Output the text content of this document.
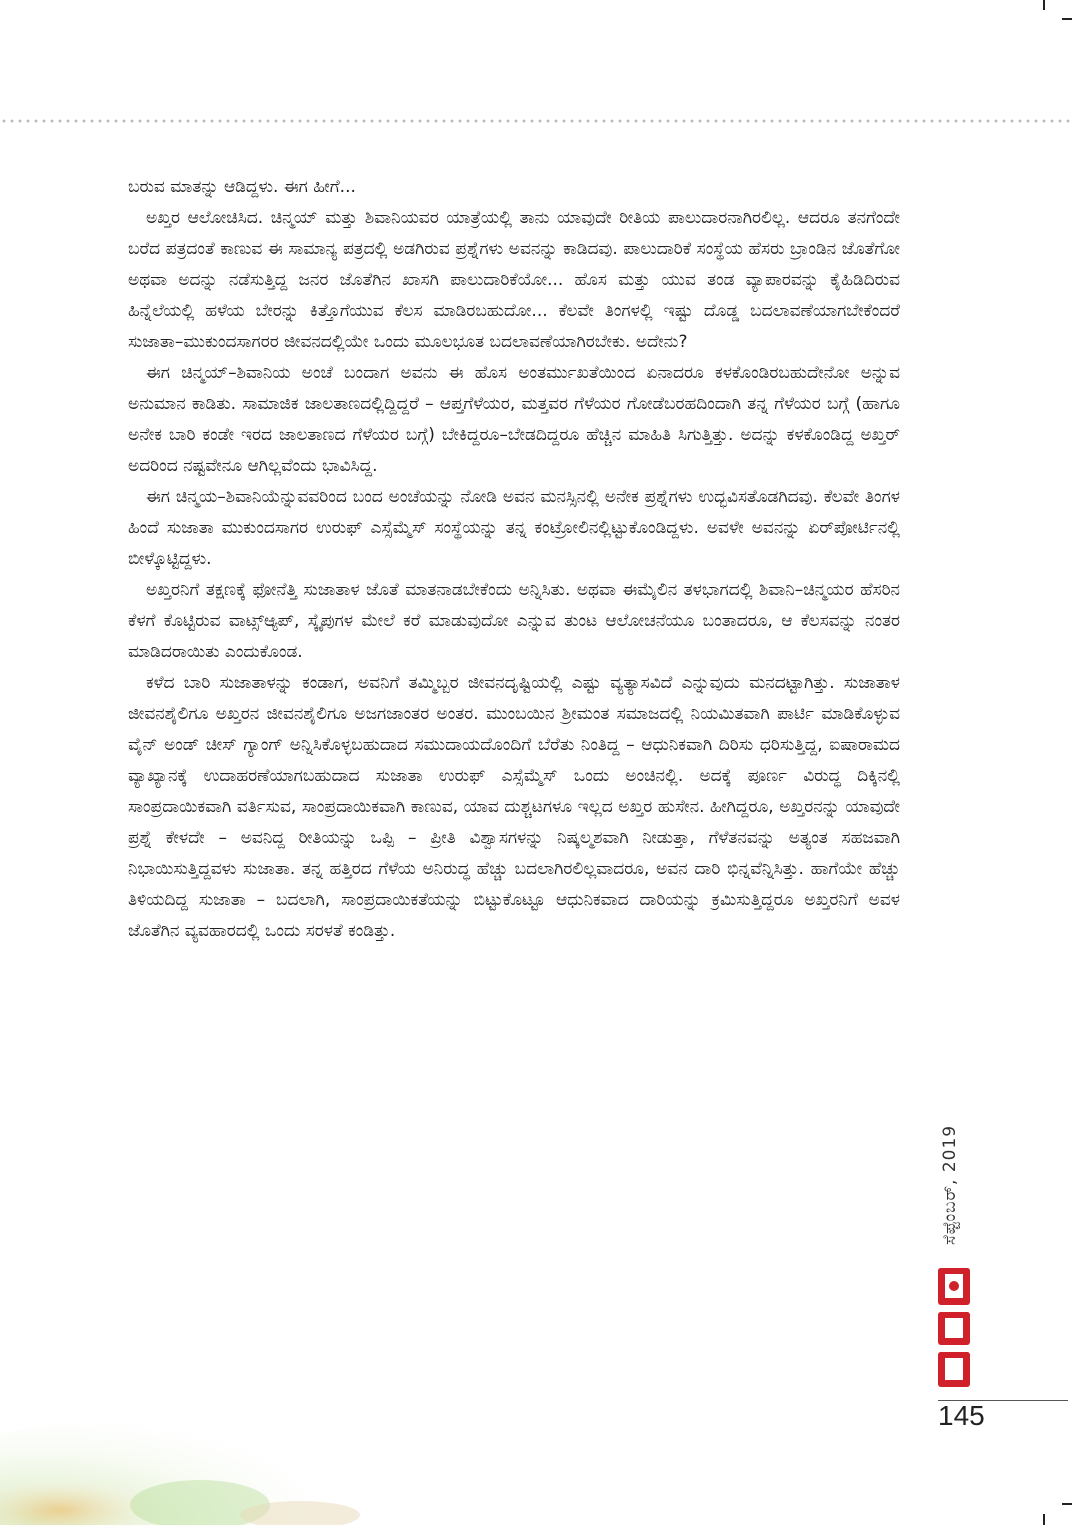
ಬರುವ ಮಾತನ್ನು ಆಡಿದ್ದಳು. ಈಗ ಹೀಗೆ...

ಅಖ್ತರ ಆಲೋಚಿಸಿದ. ಚಿನ್ಮಯ್ ಮತ್ತು ಶಿವಾನಿಯವರ ಯಾತ್ರೆಯಲ್ಲಿ ತಾನು ಯಾವುದೇ ರೀತಿಯ ಪಾಲುದಾರನಾಗಿರಲಿಲ್ಲ. ಆದರೂ ತನಗೆಂದೇ ಬರೆದ ಪತ್ರದಂತೆ ಕಾಣುವ ಈ ಸಾಮಾನ್ಯ ಪತ್ರದಲ್ಲಿ ಅಡಗಿರುವ ಪ್ರಶ್ನೆಗಳು ಅವನನ್ನು ಕಾಡಿದವು. ಪಾಲುದಾರಿಕೆ ಸಂಸ್ಥೆಯ ಹೆಸರು ಬ್ರಾಂಡಿನ ಜೊತೆಗೋ ಅಥವಾ ಅದನ್ನು ನಡೆಸುತ್ತಿದ್ದ ಜನರ ಜೊತೆಗಿನ ಖಾಸಗಿ ಪಾಲುದಾರಿಕೆಯೋ... ಹೊಸ ಮತ್ತು ಯುವ ತಂಡ ವ್ಯಾಪಾರವನ್ನು ಕೈಹಿಡಿದಿರುವ ಹಿನ್ನೆಲೆಯಲ್ಲಿ ಹಳೆಯ ಬೇರನ್ನು ಕಿತ್ತೊಗೆಯುವ ಕೆಲಸ ಮಾಡಿರಬಹುದೋ... ಕೆಲವೇ ತಿಂಗಳಲ್ಲಿ ಇಷ್ಟು ದೊಡ್ಡ ಬದಲಾವಣೆಯಾಗಬೇಕೆಂದರೆ ಸುಜಾತಾ–ಮುಕುಂದಸಾಗರರ ಜೀವನದಲ್ಲಿಯೇ ಒಂದು ಮೂಲಭೂತ ಬದಲಾವಣೆಯಾಗಿರಬೇಕು. ಅದೇನು?

ಈಗ ಚಿನ್ಮಯ್–ಶಿವಾನಿಯ ಅಂಚೆ ಬಂದಾಗ ಅವನು ಈ ಹೊಸ ಅಂತರ್ಮುಖತೆಯಿಂದ ಏನಾದರೂ ಕಳಕೊಂಡಿರಬಹುದೇನೋ ಅನ್ನುವ ಅನುಮಾನ ಕಾಡಿತು. ಸಾಮಾಜಿಕ ಜಾಲತಾಣದಲ್ಲಿದ್ದಿದ್ದರೆ – ಆಪ್ತಗೆಳೆಯರ, ಮತ್ತವರ ಗೆಳೆಯರ ಗೋಡೆಬರಹದಿಂದಾಗಿ ತನ್ನ ಗೆಳೆಯರ ಬಗ್ಗೆ (ಹಾಗೂ ಅನೇಕ ಬಾರಿ ಕಂಡೇ ಇರದ ಜಾಲತಾಣದ ಗೆಳೆಯರ ಬಗ್ಗೆ) ಬೇಕಿದ್ದರೂ–ಬೇಡದಿದ್ದರೂ ಹೆಚ್ಚಿನ ಮಾಹಿತಿ ಸಿಗುತ್ತಿತ್ತು. ಅದನ್ನು ಕಳಕೊಂಡಿದ್ದ ಅಖ್ತರ್ ಅದರಿಂದ ನಷ್ಟವೇನೂ ಆಗಿಲ್ಲವೆಂದು ಭಾವಿಸಿದ್ದ.

ಈಗ ಚಿನ್ಮಯ–ಶಿವಾನಿಯೆನ್ನುವವರಿಂದ ಬಂದ ಅಂಚೆಯನ್ನು ನೋಡಿ ಅವನ ಮನಸ್ಸಿನಲ್ಲಿ ಅನೇಕ ಪ್ರಶ್ನೆಗಳು ಉದ್ಭವಿಸತೊಡಗಿದವು. ಕೆಲವೇ ತಿಂಗಳ ಹಿಂದೆ ಸುಜಾತಾ ಮುಕುಂದಸಾಗರ ಉರುಫ್ ಎಸ್ಸೆಮ್ಮೆಸ್ ಸಂಸ್ಥೆಯನ್ನು ತನ್ನ ಕಂಟ್ರೋಲಿನಲ್ಲಿಟ್ಟುಕೊಂಡಿದ್ದಳು. ಅವಳೇ ಅವನನ್ನು ಏರ್‌ಪೋರ್ಟಿನಲ್ಲಿ ಬೀಳ್ಕೊಟ್ಟಿದ್ದಳು.

ಅಖ್ತರನಿಗೆ ತಕ್ಷಣಕ್ಕೆ ಫೋನೆತ್ತಿ ಸುಜಾತಾಳ ಜೊತೆ ಮಾತನಾಡಬೇಕೆಂದು ಅನ್ನಿಸಿತು. ಅಥವಾ ಈಮೈಲಿನ ತಳಭಾಗದಲ್ಲಿ ಶಿವಾನಿ–ಚಿನ್ಮಯರ ಹೆಸರಿನ ಕೆಳಗೆ ಕೊಟ್ಟಿರುವ ವಾಟ್ಸ್‌ಆ್ಯಪ್, ಸ್ಕೈಪುಗಳ ಮೇಲೆ ಕರೆ ಮಾಡುವುದೋ ಎನ್ನುವ ತುಂಟ ಆಲೋಚನೆಯೂ ಬಂತಾದರೂ, ಆ ಕೆಲಸವನ್ನು ನಂತರ ಮಾಡಿದರಾಯಿತು ಎಂದುಕೊಂಡ.

ಕಳೆದ ಬಾರಿ ಸುಜಾತಾಳನ್ನು ಕಂಡಾಗ, ಅವನಿಗೆ ತಮ್ಮಿಬ್ಬರ ಜೀವನದೃಷ್ಟಿಯಲ್ಲಿ ಎಷ್ಟು ವ್ಯತ್ಯಾಸವಿದೆ ಎನ್ನುವುದು ಮನದಟ್ಟಾಗಿತ್ತು. ಸುಜಾತಾಳ ಜೀವನಶೈಲಿಗೂ ಅಖ್ತರನ ಜೀವನಶೈಲಿಗೂ ಅಜಗಜಾಂತರ ಅಂತರ. ಮುಂಬಯಿನ ಶ್ರೀಮಂತ ಸಮಾಜದಲ್ಲಿ ನಿಯಮಿತವಾಗಿ ಪಾರ್ಟಿ ಮಾಡಿಕೊಳ್ಳುವ ವೈನ್ ಅಂಡ್ ಚೀಸ್ ಗ್ಯಾಂಗ್ ಅನ್ನಿಸಿಕೊಳ್ಳಬಹುದಾದ ಸಮುದಾಯದೊಂದಿಗೆ ಬೆರೆತು ನಿಂತಿದ್ದ – ಆಧುನಿಕವಾಗಿ ದಿರಿಸು ಧರಿಸುತ್ತಿದ್ದ, ಐಷಾರಾಮದ ವ್ಯಾಖ್ಯಾನಕ್ಕೆ ಉದಾಹರಣೆಯಾಗಬಹುದಾದ ಸುಜಾತಾ ಉರುಫ್ ಎಸ್ಸೆಮ್ಮೆಸ್ ಒಂದು ಅಂಚಿನಲ್ಲಿ. ಅದಕ್ಕೆ ಪೂರ್ಣ ವಿರುದ್ಧ ದಿಕ್ಕಿನಲ್ಲಿ ಸಾಂಪ್ರದಾಯಿಕವಾಗಿ ವರ್ತಿಸುವ, ಸಾಂಪ್ರದಾಯಿಕವಾಗಿ ಕಾಣುವ, ಯಾವ ದುಶ್ಚಟಗಳೂ ಇಲ್ಲದ ಅಖ್ತರ ಹುಸೇನ. ಹೀಗಿದ್ದರೂ, ಅಖ್ತರನನ್ನು ಯಾವುದೇ ಪ್ರಶ್ನೆ ಕೇಳದೇ – ಅವನಿದ್ದ ರೀತಿಯನ್ನು ಒಪ್ಪಿ – ಪ್ರೀತಿ ವಿಶ್ವಾಸಗಳನ್ನು ನಿಷ್ಕಲ್ಮಶವಾಗಿ ನೀಡುತ್ತಾ, ಗೆಳೆತನವನ್ನು ಅತ್ಯಂತ ಸಹಜವಾಗಿ ನಿಭಾಯಿಸುತ್ತಿದ್ದವಳು ಸುಜಾತಾ. ತನ್ನ ಹತ್ತಿರದ ಗೆಳೆಯ ಅನಿರುದ್ಧ ಹೆಚ್ಚು ಬದಲಾಗಿರಲಿಲ್ಲವಾದರೂ, ಅವನ ದಾರಿ ಭಿನ್ನವೆನ್ನಿಸಿತ್ತು. ಹಾಗೆಯೇ ಹೆಚ್ಚು ತಿಳಿಯದಿದ್ದ ಸುಜಾತಾ – ಬದಲಾಗಿ, ಸಾಂಪ್ರದಾಯಿಕತೆಯನ್ನು ಬಿಟ್ಟುಕೊಟ್ಟೂ ಆಧುನಿಕವಾದ ದಾರಿಯನ್ನು ಕ್ರಮಿಸುತ್ತಿದ್ದರೂ ಅಖ್ತರನಿಗೆ ಅವಳ ಜೊತೆಗಿನ ವ್ಯವಹಾರದಲ್ಲಿ ಒಂದು ಸರಳತೆ ಕಂಡಿತ್ತು.

ಸೆಪ್ಟೆಂಬರ್, 2019
145
